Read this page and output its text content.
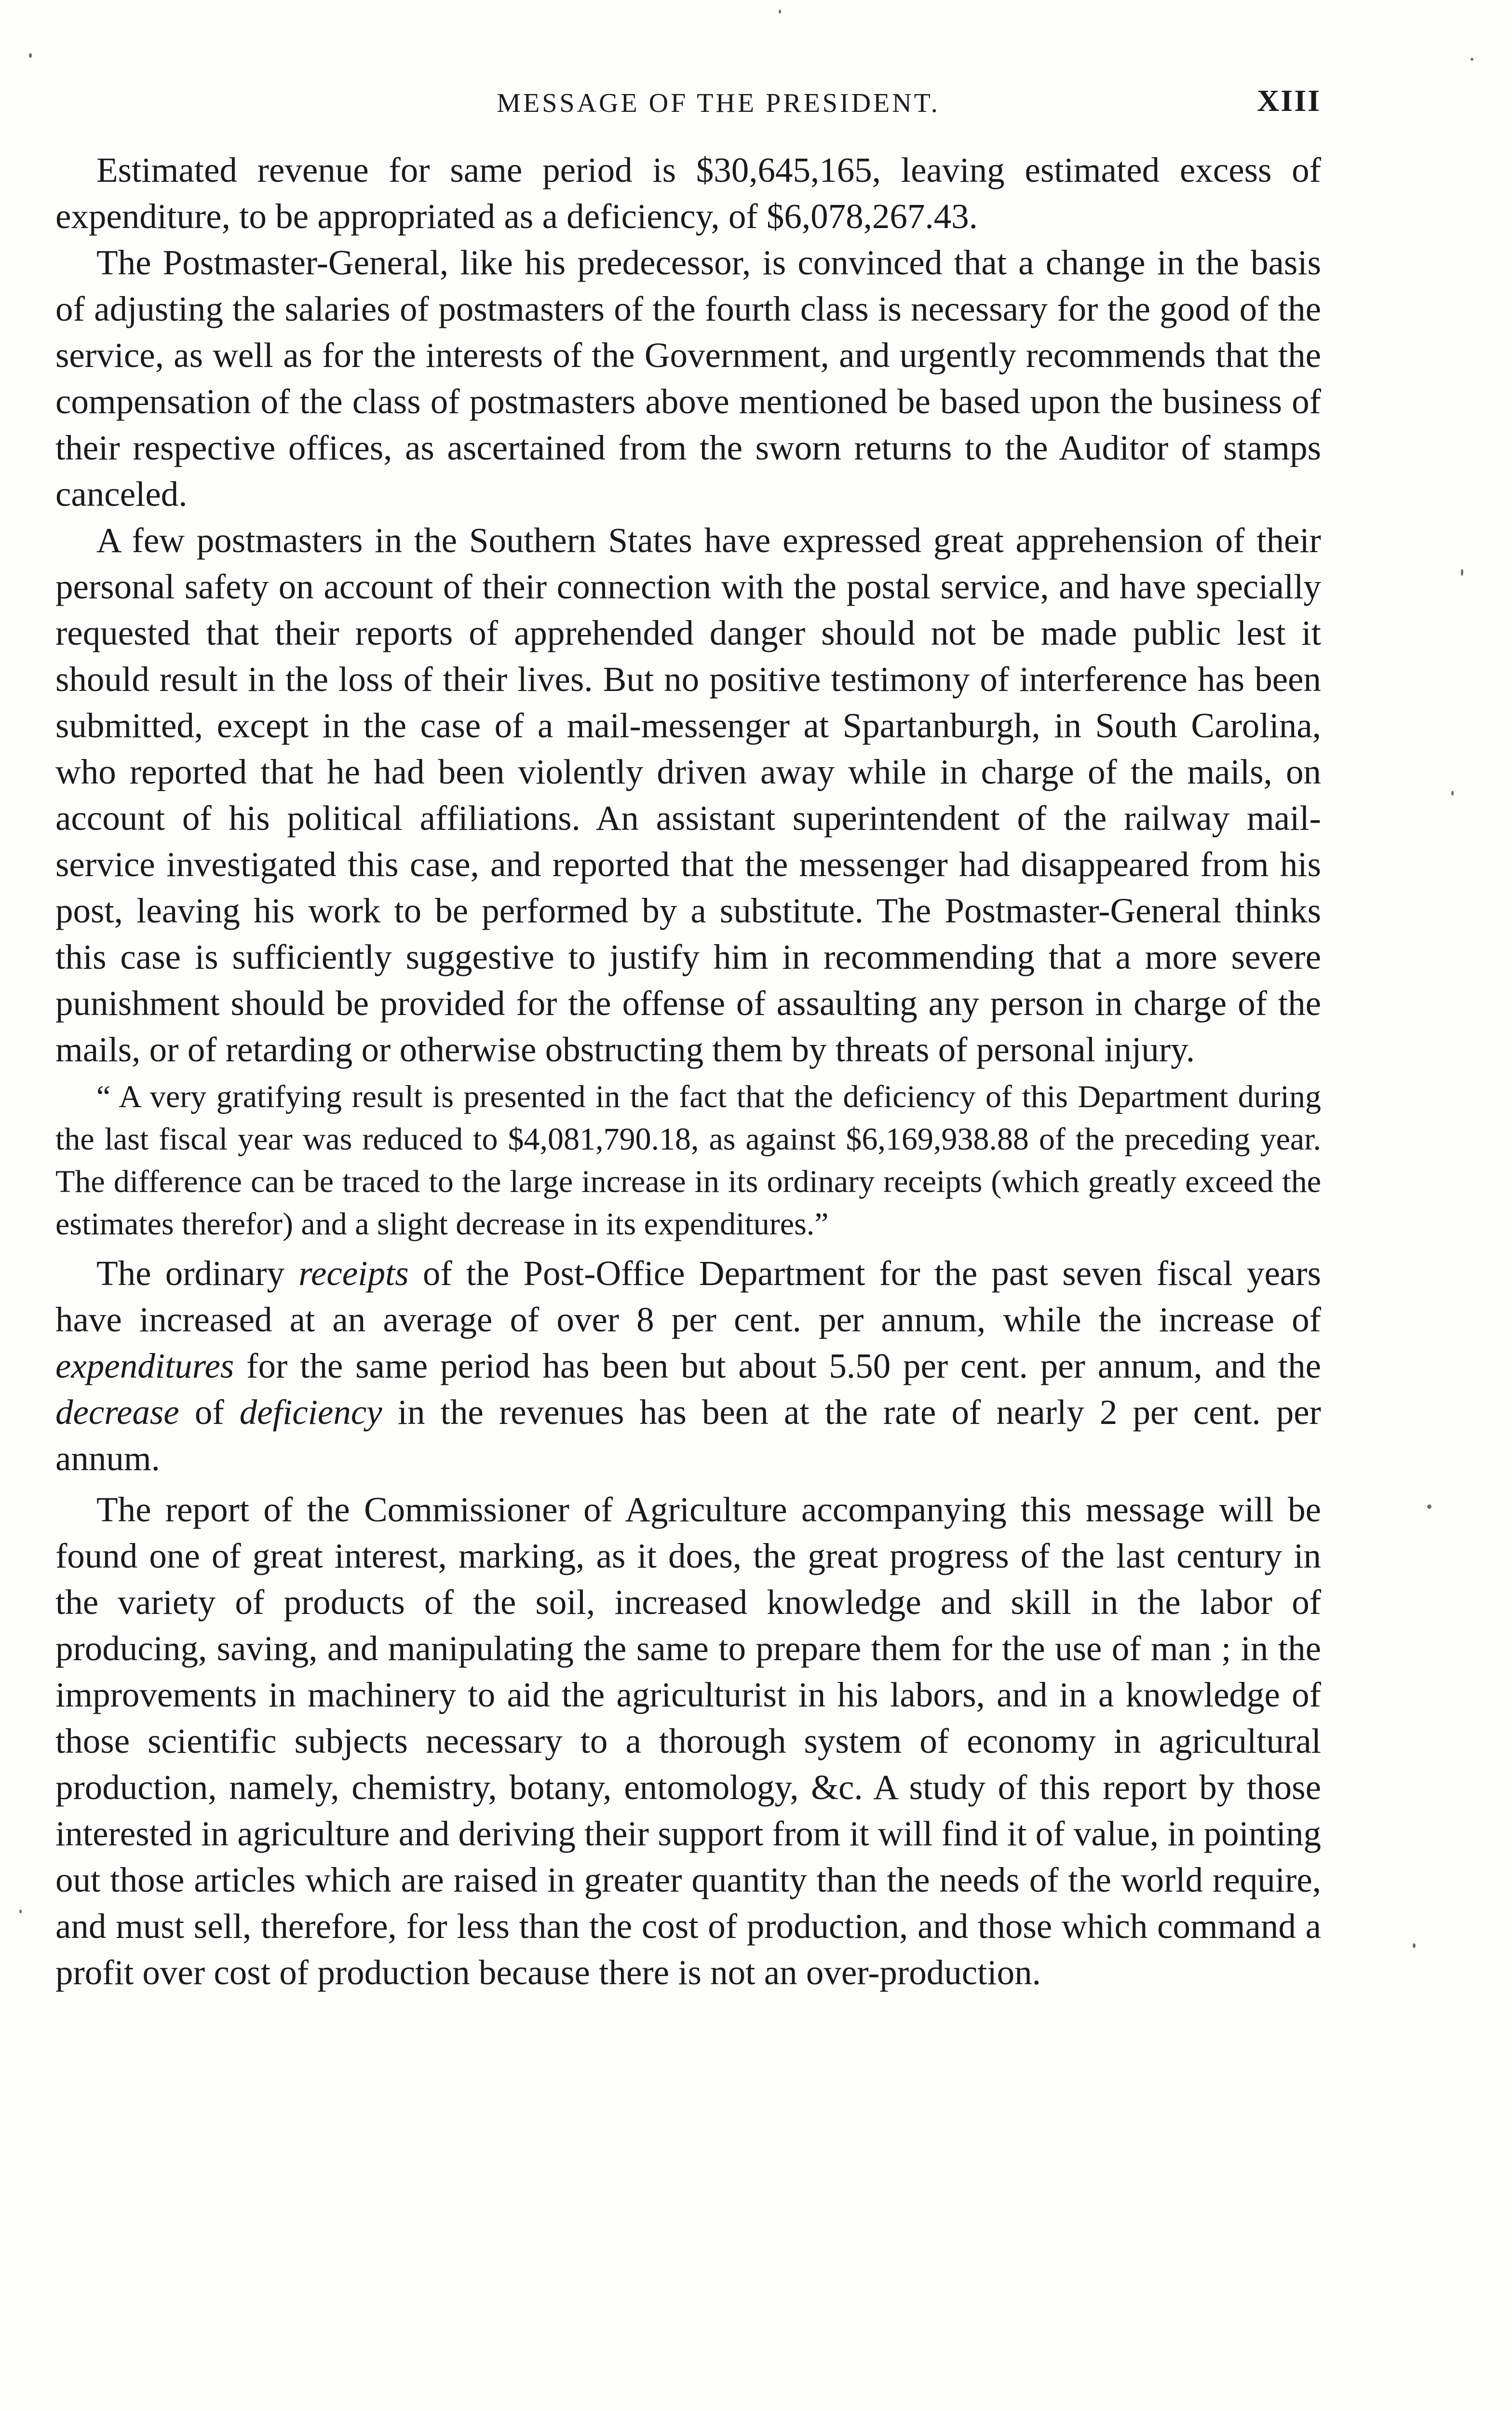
MESSAGE OF THE PRESIDENT.	XIII

Estimated revenue for same period is $30,645,165, leaving estimated excess of expenditure, to be appropriated as a deficiency, of $6,078,267.43.

The Postmaster-General, like his predecessor, is convinced that a change in the basis of adjusting the salaries of postmasters of the fourth class is necessary for the good of the service, as well as for the interests of the Government, and urgently recommends that the compensation of the class of postmasters above mentioned be based upon the business of their respective offices, as ascertained from the sworn returns to the Auditor of stamps canceled.

A few postmasters in the Southern States have expressed great apprehension of their personal safety on account of their connection with the postal service, and have specially requested that their reports of apprehended danger should not be made public lest it should result in the loss of their lives. But no positive testimony of interference has been submitted, except in the case of a mail-messenger at Spartanburgh, in South Carolina, who reported that he had been violently driven away while in charge of the mails, on account of his political affiliations. An assistant superintendent of the railway mail-service investigated this case, and reported that the messenger had disappeared from his post, leaving his work to be performed by a substitute. The Postmaster-General thinks this case is sufficiently suggestive to justify him in recommending that a more severe punishment should be provided for the offense of assaulting any person in charge of the mails, or of retarding or otherwise obstructing them by threats of personal injury.

“ A very gratifying result is presented in the fact that the deficiency of this Department during the last fiscal year was reduced to $4,081,790.18, as against $6,169,938.88 of the preceding year. The difference can be traced to the large increase in its ordinary receipts (which greatly exceed the estimates therefor) and a slight decrease in its expenditures.”

The ordinary receipts of the Post-Office Department for the past seven fiscal years have increased at an average of over 8 per cent. per annum, while the increase of expenditures for the same period has been but about 5.50 per cent. per annum, and the decrease of deficiency in the revenues has been at the rate of nearly 2 per cent. per annum.

The report of the Commissioner of Agriculture accompanying this message will be found one of great interest, marking, as it does, the great progress of the last century in the variety of products of the soil, increased knowledge and skill in the labor of producing, saving, and manipulating the same to prepare them for the use of man ; in the improvements in machinery to aid the agriculturist in his labors, and in a knowledge of those scientific subjects necessary to a thorough system of economy in agricultural production, namely, chemistry, botany, entomology, &c. A study of this report by those interested in agriculture and deriving their support from it will find it of value, in pointing out those articles which are raised in greater quantity than the needs of the world require, and must sell, therefore, for less than the cost of production, and those which command a profit over cost of production because there is not an over-production.
